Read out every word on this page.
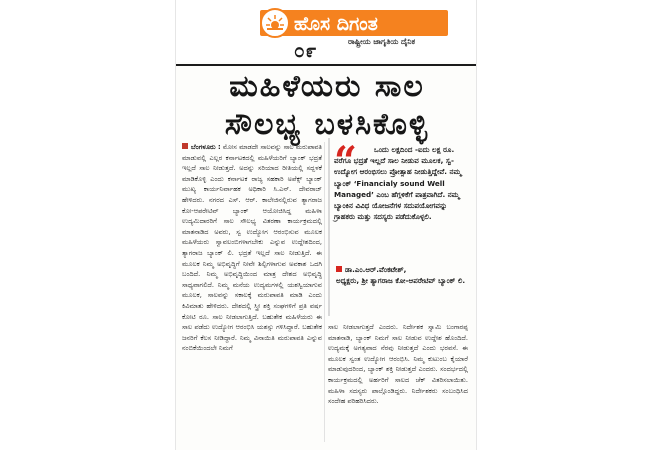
ಹೊಸ ದಿಗಂತ
ರಾಷ್ಟ್ರೀಯ ಜಾಗೃತಿಯ ದೈನಿಕ
೦೯
ಮಹಿಳೆಯರು ಸಾಲ
ಸೌಲಭ್ಯ ಬಳಸಿಕೊಳ್ಳಿ
ಬೆಂಗಳೂರು : ಮೋಸ ಮಾಡದೇ ಸಾಲವನ್ನು ಸಾಲ ಮರುಪಾವತಿ ಮಾಡುವಲ್ಲಿ ಎಲ್ಲರ ಕರ್ನಾಟಕದಲ್ಲಿ ಮಹಿಳೆಯರಿಗೆ ಬ್ಯಾಂಕ್ ಭದ್ರತೆ ಇಲ್ಲದೆ ಸಾಲ ನೀಡುತ್ತದೆ. ಅದನ್ನು ಸರಿಯಾದ ರೀತಿಯಲ್ಲಿ ಸದ್ಬಳಕೆ ಮಾಡಿಕೊಳ್ಳಿ ಎಂದು ಕರ್ನಾಟಕ ರಾಜ್ಯ ಸಹಕಾರಿ ಅಪೆಕ್ಸ್ ಬ್ಯಾಂಕ್ ಮುಖ್ಯ ಕಾರ್ಯನಿರ್ವಾಹಕ ಅಧಿಕಾರಿ ಸಿ.ಎನ್. ದೇವರಾಜ್ ಹೇಳಿದರು. ನಗರದ ಎಸ್. ಆರ್. ಕಾಲೇಜಿನಲ್ಲಿರುವ ತ್ಯಾಗರಾಜ ಕೋ-ಆಪರೇಟಿವ್ ಬ್ಯಾಂಕ್ ಆಯೋಜಿಸಿದ್ದ ಮಹಿಳಾ ಉದ್ಯಮಿದಾರರಿಗೆ ಸಾಲ ಸೌಲಭ್ಯ ವಿತರಣಾ ಕಾರ್ಯಕ್ರಮದಲ್ಲಿ ಮಾತನಾಡಿದ ಅವರು, ಸ್ವ ಉದ್ಯೋಗ ಆರಂಭಿಸುವ ಮೂಲಕ ಮಹಿಳೆಯರು ಸ್ವಾವಲಂಬಿಗಳಾಗಬೇಕು ಎನ್ನುವ ಉದ್ದೇಶದಿಂದ, ತ್ಯಾಗರಾಜ ಬ್ಯಾಂಕ್ ಲಿ. ಭದ್ರತೆ ಇಲ್ಲದೆ ಸಾಲ ನೀಡುತ್ತಿದೆ. ಈ ಮೂಲಕ ನಿಮ್ಮ ಅಭಿವೃದ್ಧಿಗೆ ನೀವೇ ಶಿಲ್ಪಿಗಳಾಗುವ ಅವಕಾಶ ಒದಗಿ ಬಂದಿದೆ. ನಿಮ್ಮ ಅಭಿವೃದ್ಧಿಯಿಂದ ಮಾತ್ರ ದೇಶದ ಅಭಿವೃದ್ಧಿ ಸಾಧ್ಯವಾಗಲಿದೆ. ನಿಮ್ಮ ಮನೆಯ ಉದ್ಯಮಗಳಲ್ಲಿ ಯಶಸ್ವಿಯಾಗುವ ಮೂಲಕ, ಸಾಲವನ್ನು ಸಕಾಲಕ್ಕೆ ಮರುಪಾವತಿ ಮಾಡಿ ಎಂದು ಕಿವಿಮಾತು ಹೇಳಿದರು. ದೇಶದಲ್ಲಿ ಸ್ತ್ರೀ ಶಕ್ತಿ ಸಂಘಗಳಿಗೆ ಪ್ರತಿ ವರ್ಷ ಕೋಟಿ ರೂ. ಸಾಲ ನೀಡಲಾಗುತ್ತಿದೆ. ಬಹುತೇಕ ಮಹಿಳೆಯರು ಈ ಸಾಲ ಪಡೆದು ಉದ್ಯೋಗ ಆರಂಭಿಸಿ ಯಶಸ್ಸು ಗಳಿಸಿದ್ದಾರೆ. ಬಹುತೇಕ ಜನರಿಗೆ ಕೆಲಸ ನೀಡಿದ್ದಾರೆ. ನಿಮ್ಮ ವಿನಾಯಿತಿ ಮರುಪಾವತಿ ಎನ್ನುವ ನಂಬಿಕೆಯಿಂದಲೇ ನಿಮಗೆ
“	ಒಂದು ಲಕ್ಷದಿಂದ -ಐದು ಲಕ್ಷ ರೂ. ವರೆಗೂ ಭದ್ರತೆ ಇಲ್ಲದೆ ಸಾಲ ನೀಡುವ ಮೂಲಕ, ಸ್ವ-ಉದ್ಯೋಗ ಆರಂಭಿಸಲು ಪ್ರೋತ್ಸಾಹ ನೀಡುತ್ತಿದ್ದೇವೆ. ನಮ್ಮ ಬ್ಯಾಂಕ್ ‘Financialy sound Well Managed’ ಎಂಬ ಹೆಗ್ಗಳಿಕೆಗೆ ಪಾತ್ರವಾಗಿದೆ. ನಮ್ಮ ಬ್ಯಾಂಕಿನ ವಿವಿಧ ಯೋಜನೆಗಳ ಸದುಪಯೋಗವನ್ನು ಗ್ರಾಹಕರು ಮತ್ತು ಸದಸ್ಯರು ಪಡೆದುಕೊಳ್ಳಲಿ.
ಡಾ.ಎಂ.ಆರ್.ವೆಂಕಟೇಶ್,
ಅಧ್ಯಕ್ಷರು, ಶ್ರೀ ತ್ಯಾಗರಾಜ ಕೋ-ಆಪರೇಟಿವ್ ಬ್ಯಾಂಕ್ ಲಿ.
ಸಾಲ ನೀಡಲಾಗುತ್ತದೆ ಎಂದರು. ನಿರ್ದೇಶಕ ಸ್ವಾಮಿ ಬಂಗಾರಪ್ಪ ಮಾತನಾಡಿ, ಬ್ಯಾಂಕ್ ನಿಮಗೆ ಸಾಲ ನೀಡುವ ಉದ್ದೇಶ ಹೊಂದಿದೆ. ಉದ್ಯಮಕ್ಕೆ ಅಗತ್ಯವಾದ ನೆರವು ನೀಡುತ್ತದೆ ಎಂದು ಭರವಸೆ. ಈ ಮೂಲಕ ಸ್ವಂತ ಉದ್ಯೋಗ ಆರಂಭಿಸಿ. ನಿಮ್ಮ ಕುಟುಂಬ ಕೈಯಾರೆ ಮಾಡುವುದರಿಂದ, ಬ್ಯಾಂಕ್ ಶಕ್ತಿ ನೀಡುತ್ತದೆ ಎಂದರು. ಸಂದರ್ಭದಲ್ಲಿ ಕಾರ್ಯಕ್ರಮದಲ್ಲಿ ಅರ್ಹರಿಗೆ ಸಾಲದ ಚೆಕ್ ವಿತರಿಸಲಾಯಿತು. ಮಹಿಳಾ ಸದಸ್ಯರು ಪಾಲ್ಗೊಂಡಿದ್ದರು. ನಿರ್ದೇಶಕರು ಸಂಬಂಧಿಸಿದ ಸಂದೇಹ ಪರಿಹರಿಸಿದರು.
